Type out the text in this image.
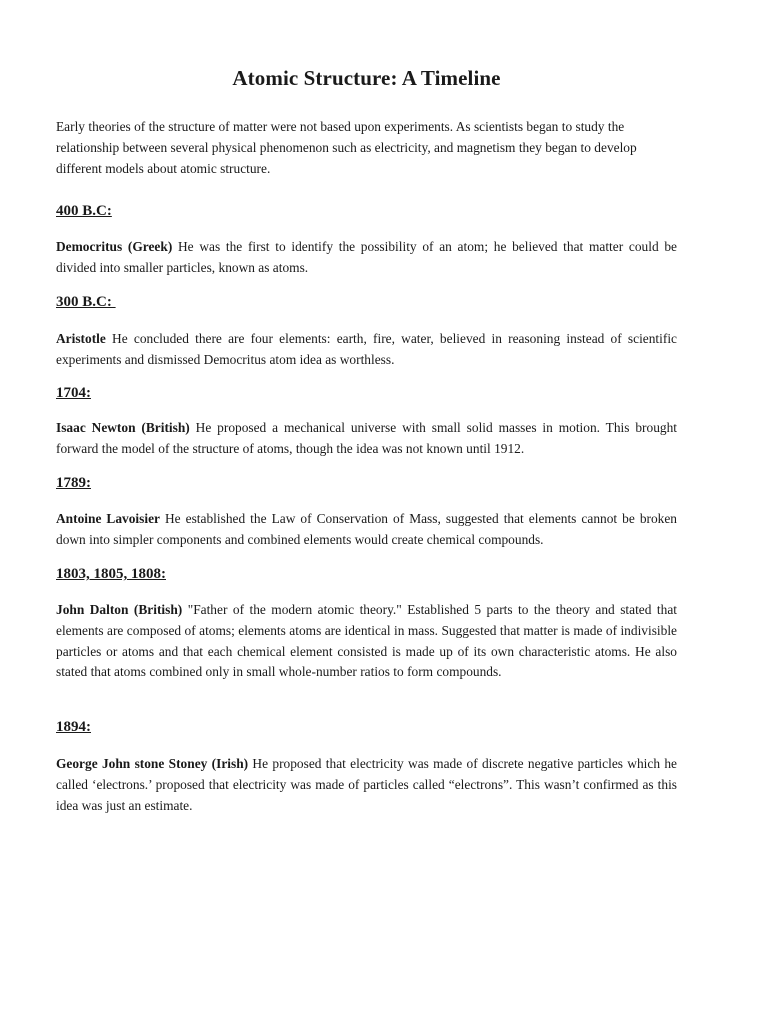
Atomic Structure: A Timeline

Early theories of the structure of matter were not based upon experiments. As scientists began to study the relationship between several physical phenomenon such as electricity, and magnetism they began to develop different models about atomic structure.

400 B.C:

Democritus (Greek) He was the first to identify the possibility of an atom; he believed that matter could be divided into smaller particles, known as atoms.

300 B.C:

Aristotle He concluded there are four elements: earth, fire, water, believed in reasoning instead of scientific experiments and dismissed Democritus atom idea as worthless.

1704:

Isaac Newton (British) He proposed a mechanical universe with small solid masses in motion. This brought forward the model of the structure of atoms, though the idea was not known until 1912.

1789:

Antoine Lavoisier He established the Law of Conservation of Mass, suggested that elements cannot be broken down into simpler components and combined elements would create chemical compounds.

1803, 1805, 1808:

John Dalton (British) "Father of the modern atomic theory." Established 5 parts to the theory and stated that elements are composed of atoms; elements atoms are identical in mass. Suggested that matter is made of indivisible particles or atoms and that each chemical element consisted is made up of its own characteristic atoms. He also stated that atoms combined only in small whole-number ratios to form compounds.

1894:

George John stone Stoney (Irish) He proposed that electricity was made of discrete negative particles which he called ‘electrons.’ proposed that electricity was made of particles called “electrons”. This wasn’t confirmed as this idea was just an estimate.
